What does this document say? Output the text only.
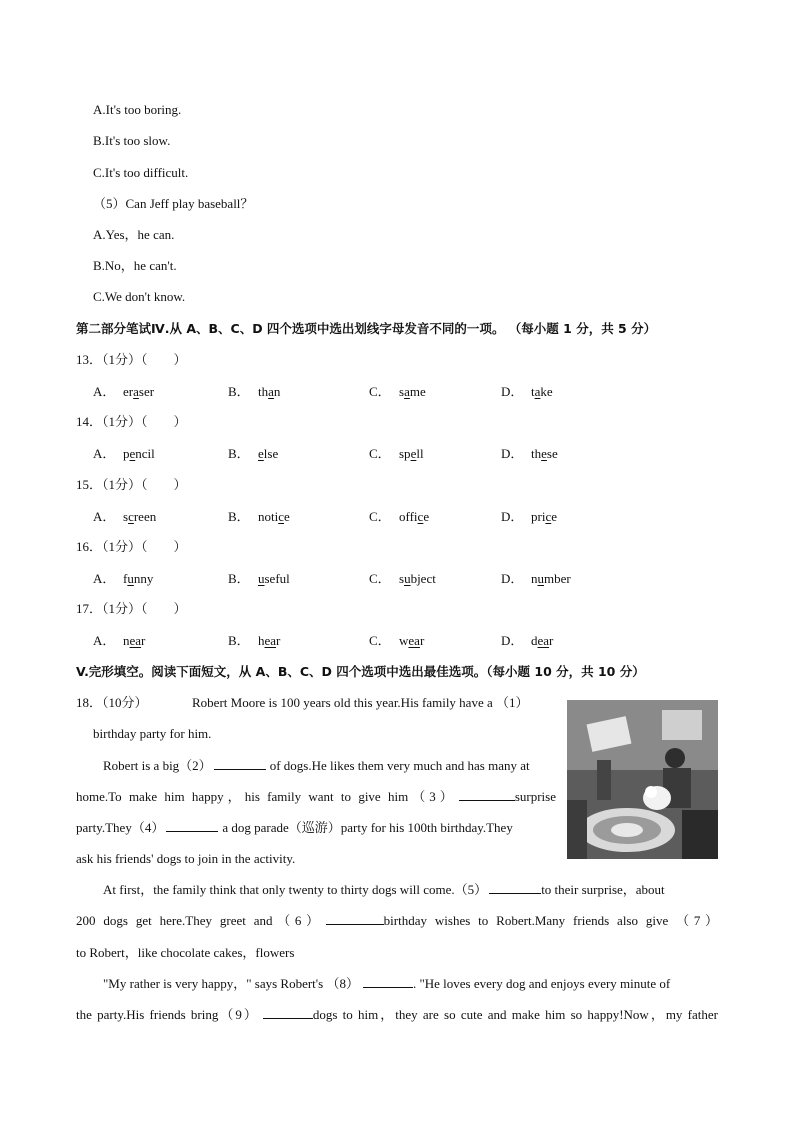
A.It's too boring.
B.It's too slow.
C.It's too difficult.
（5）Can Jeff play baseball？
A.Yes，he can.
B.No，he can't.
C.We don't know.
第二部分笔试Ⅳ.从 A、B、C、D 四个选项中选出划线字母发音不同的一项。 （每小题 1 分，共 5 分）
13．（1分）（　　）
A． eraser	B． than	C． same	D． take
14．（1分）（　　）
A． pencil	B． else	C． spell	D． these
15．（1分）（　　）
A． screen	B． notice	C． office	D． price
16．（1分）（　　）
A． funny	B． useful	C． subject	D． number
17．（1分）（　　）
A． near	B． hear	C． wear	D． dear
V.完形填空。阅读下面短文，从 A、B、C、D 四个选项中选出最佳选项。（每小题 10 分，共 10 分）
18．（10分）	Robert Moore is 100 years old this year.His family have a （1）
birthday party for him.
Robert is a big（2）	of dogs.He likes them very much and has many at
home.To make him happy，his family want to give him（3）	surprise
party.They（4）	a dog parade（巡游）party for his 100th birthday.They
ask his friends' dogs to join in the activity.
At first，the family think that only twenty to thirty dogs will come.（5）	to their surprise，about
200 dogs get here.They greet and（6）	birthday wishes to Robert.Many friends also give （7）
to Robert，like chocolate cakes，flowers
"My rather is very happy，" says Robert's （8）	. "He loves every dog and enjoys every minute of
the party.His friends bring（9）	dogs to him，they are so cute and make him so happy!Now，my father
